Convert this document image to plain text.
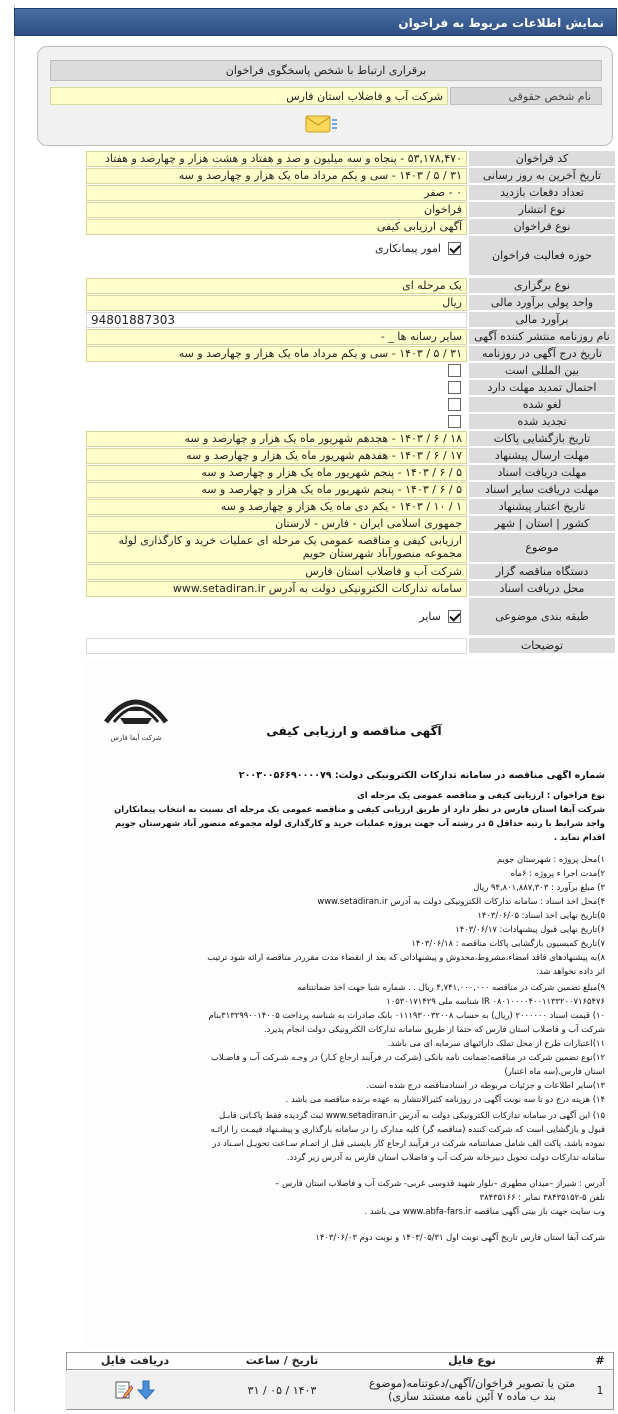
نمایش اطلاعات مربوط به فراخوان
برقراری ارتباط با شخص پاسخگوی فراخوان
نام شخص حقوقی
شرکت آب و فاضلاب استان فارس
کد فراخوان
۵۳,۱۷۸,۴۷۰ - پنجاه و سه میلیون و صد و هفتاد و هشت هزار و چهارصد و هفتاد
تاریخ آخرین به روز رسانی
۳۱ / ۵ / ۱۴۰۳ - سی و یکم مرداد ماه یک هزار و چهارصد و سه
تعداد دفعات بازدید
۰ - صفر
نوع انتشار
فراخوان
نوع فراخوان
آگهی ارزیابی کیفی
حوزه فعالیت فراخوان
امور پیمانکاری
نوع برگزاری
یک مرحله ای
واحد پولی برآورد مالی
ریال
برآورد مالی
94801887303
نام روزنامه منتشر کننده آگهی
سایر رسانه ها _ -
تاریخ درج آگهی در روزنامه
۳۱ / ۵ / ۱۴۰۳ - سی و یکم مرداد ماه یک هزار و چهارصد و سه
بین المللی است
احتمال تمدید مهلت دارد
لغو شده
تجدید شده
تاریخ بازگشایی پاکات
۱۸ / ۶ / ۱۴۰۳ - هجدهم شهریور ماه یک هزار و چهارصد و سه
مهلت ارسال پیشنهاد
۱۷ / ۶ / ۱۴۰۳ - هفدهم شهریور ماه یک هزار و چهارصد و سه
مهلت دریافت اسناد
۵ / ۶ / ۱۴۰۳ - پنجم شهریور ماه یک هزار و چهارصد و سه
مهلت دریافت سایر اسناد
۵ / ۶ / ۱۴۰۳ - پنجم شهریور ماه یک هزار و چهارصد و سه
تاریخ اعتبار پیشنهاد
۱ / ۱۰ / ۱۴۰۳ - یکم دی ماه یک هزار و چهارصد و سه
کشور | استان | شهر
جمهوری اسلامی ایران - فارس - لارستان
موضوع
ارزیابی کیفی و مناقصه عمومی یک مرحله ای عملیات خرید و کارگذاری لوله مجموعه منصورآباد شهرستان جویم
دستگاه مناقصه گزار
شرکت آب و فاضلاب استان فارس
محل دریافت اسناد
سامانه تدارکات الکترونیکی دولت به آدرس www.setadiran.ir
طبقه بندی موضوعی
سایر
توضیحات
شرکت آبفا فارس	آگهی مناقصه و ارزیابی کیفی
شماره آگهی مناقصه در سامانه تدارکات الکترونیکی دولت: ۲۰۰۳۰۰۵۶۶۹۰۰۰۰۷۹
نوع فراخوان : ارزیابی کیفی و مناقصه عمومی یک مرحله ای
شرکت آبفا استان فارس در نظر دارد از طریق ارزیابی کیفی و مناقصه عمومی یک مرحله ای نسبت به انتخاب پیمانکاران
واجد شرایط با رتبه حداقل ۵ در رشته آب جهت پروژه عملیات خرید و کارگذاری لوله مجموعه منصور آباد شهرستان جویم
اقدام نماید .
۱)محل پروژه : شهرستان جویم
۲)مدت اجرا ء پروژه : ۶ماه
۳) مبلغ برآورد : ۹۴,۸۰۱,۸۸۷,۳۰۳ ریال
۴)محل اخذ اسناد : سامانه تدارکات الکترونیکی دولت به آدرس www.setadiran.ir
۵)تاریخ نهایی اخذ اسناد: ۱۴۰۳/۰۶/۰۵
۶)تاریخ نهایی قبول پیشنهادات: ۱۴۰۳/۰۶/۱۷
۷)تاریخ کمیسیون بازگشایی پاکات مناقصه : ۱۴۰۳/۰۶/۱۸
۸)به پیشنهادهای فاقد امضاء،مشروط،مخدوش و پیشنهاداتی که بعد از انقضاء مدت مقرردر مناقصه ارائه شود ترتیب
اثر داده نخواهد شد.
۹)مبلغ تضمین شرکت در مناقصه ۴,۷۴۱,۰۰۰,۰۰۰ ریال . . شماره شبا جهت اخذ ضمانتنامه
IR ۰۸۰۱۰۰۰۰۴۰۰۱۱۳۳۲۰۰۷۱۶۵۴۷۶ شناسه ملی ۱۰۵۳۰۱۷۱۴۲۹
۱۰) قیمت اسناد ۲۰۰۰۰۰۰ (ریال) به حساب ۰۱۱۱۹۳۰۰۳۲۰۰۸ بانک صادرات به شناسه پرداخت ۳۱۳۲۹۹۰۰۱۴۰۰۵بنام
شرکت آب و فاضلاب استان فارس که حتما از طریق سامانه تدارکات الکترونیکی دولت انجام پذیرد.
۱۱)اعتبارات طرح از محل تملک دارائیهای سرمایه ای می باشد.
۱۲)نوع تضمین شرکت در مناقصه:ضمانت نامه بانکی (شرکت در فرآیند ارجاع کـار) در وجـه شـرکت آب و فاضـلاب
استان فارس.(سه ماه اعتبار)
۱۳)سایر اطلاعات و جزئیات مربوطه در اسنادمناقصه درج شده است.
۱۴) هزینه درج دو تا سه نوبت آگهی در روزنامه کثیرالانتشار به عهده برنده مناقصه می باشد .
۱۵) این آگهی در سامانه تدارکات الکترونیکی دولت به آدرس www.setadiran.ir ثبت گردیده فقط پاکـاتی قابـل
قبول و بازگشایی است که شرکت کننده (مناقصه گر) کلیه مدارک را در سامانه بارگذاری و پیشـنهاد قیمـت را ارائـه
نموده باشد، پاکت الف شامل ضمانتنامه شرکت در فرآیند ارجاع کار بایستی قبل از اتمـام سـاعت تحویـل اسـناد در
سامانه تدارکات دولت تحویل دبیرخانه شرکت آب و فاضلاب استان فارس به آدرس زیر گردد.
آدرس : شیراز –میدان مطهری –بلوار شهید قدوسی غربی- شرکت آب و فاضلاب استان فارس –
تلفن ۵-۳۸۴۳۵۱۵۲ نمابر : ۳۸۴۳۵۱۶۶
وب سایت جهت باز بینی آگهی مناقصه www.abfa-fars.ir می باشد .
شرکت آبفا استان فارس تاریخ آگهی نوبت اول ۱۴۰۳/۰۵/۳۱ و نوبت دوم ۱۴۰۳/۰۶/۰۳
#
نوع فایل
تاریخ / ساعت
دریافت فایل
1
متن یا تصویر فراخوان/آگهی/دعوتنامه(موضوع بند ب ماده ۷ آئین نامه مستند سازی)
۱۴۰۳ / ۰۵ / ۳۱
